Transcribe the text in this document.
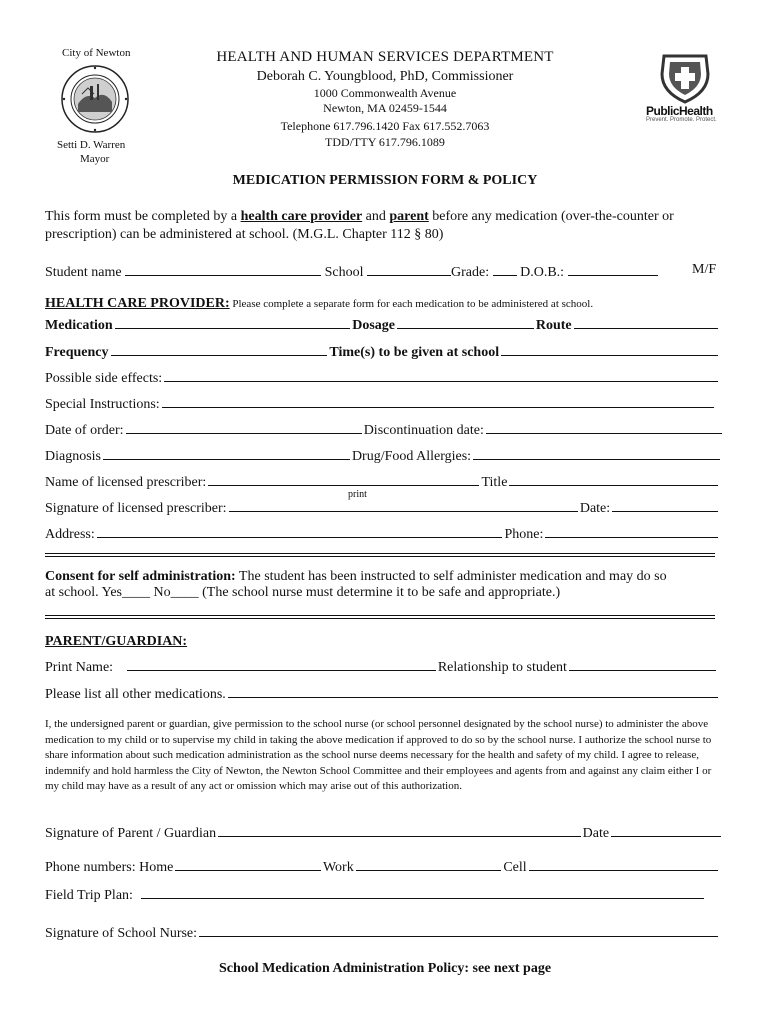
City of Newton
Setti D. Warren
Mayor
HEALTH AND HUMAN SERVICES DEPARTMENT
Deborah C. Youngblood, PhD, Commissioner
1000 Commonwealth Avenue
Newton, MA 02459-1544
Telephone 617.796.1420 Fax 617.552.7063
TDD/TTY 617.796.1089
PublicHealth
Prevent. Promote. Protect.
MEDICATION PERMISSION FORM & POLICY
This form must be completed by a health care provider and parent before any medication (over-the-counter or prescription) can be administered at school. (M.G.L. Chapter 112 § 80)
Student name	School	Grade: D.O.B.:	M/F
HEALTH CARE PROVIDER: Please complete a separate form for each medication to be administered at school.
Medication	Dosage	Route
Frequency	Time(s) to be given at school
Possible side effects:
Special Instructions:
Date of order:	Discontinuation date:
Diagnosis	Drug/Food Allergies:
Name of licensed prescriber:	Title
print
Signature of licensed prescriber:	Date:
Address:	Phone:
Consent for self administration: The student has been instructed to self administer medication and may do so
at school. Yes____ No____ (The school nurse must determine it to be safe and appropriate.)
PARENT/GUARDIAN:
Print Name:	Relationship to student
Please list all other medications.
I, the undersigned parent or guardian, give permission to the school nurse (or school personnel designated by the school nurse) to administer the above medication to my child or to supervise my child in taking the above medication if approved to do so by the school nurse. I authorize the school nurse to share information about such medication administration as the school nurse deems necessary for the health and safety of my child. I agree to release, indemnify and hold harmless the City of Newton, the Newton School Committee and their employees and agents from and against any claim either I or my child may have as a result of any act or omission which may arise out of this authorization.
Signature of Parent / Guardian	Date
Phone numbers: Home	Work	Cell
Field Trip Plan:
Signature of School Nurse:
School Medication Administration Policy: see next page
